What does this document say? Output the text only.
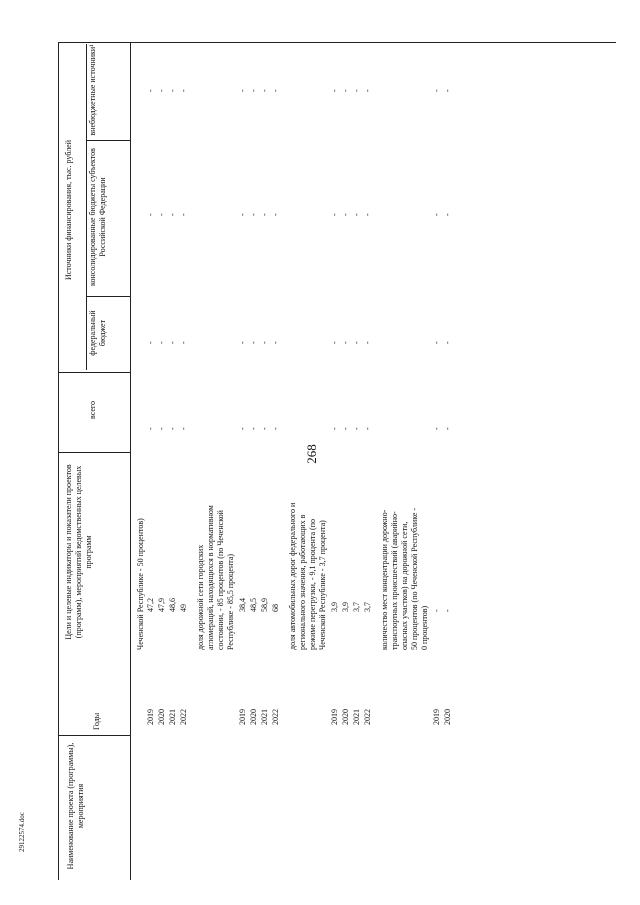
268
29122574.doc	Наименование проекта (программы), мероприятия
Годы
Цели и целевые индикаторы и показатели проектов (программ), мероприятий ведомственных целевых программ
Источники финансирования, тыс. рублей
всего
федеральный бюджет
консолидированные бюджеты субъектов Российской Федерации
внебюджетные источники¹
Чеченской Республике - 50 процентов)
2019
47,2
-
-
-
-
2020
47,9
-
-
-
-
2021
48,6
-
-
-
-
2022
49
-
-
-
-
доля дорожной сети городских агломераций, находящихся в нормативном состоянии, - 85 процентов (по Чеченской Республике - 85,5 процента)
2019
38,4
-
-
-
-
2020
48,5
-
-
-
-
2021
58,9
-
-
-
-
2022
68
-
-
-
-
доля автомобильных дорог федерального и регионального значения, работающих в режиме перегрузки, - 9,1 процента (по Чеченской Республике - 3,7 процента)
2019
3,9
-
-
-
-
2020
3,9
-
-
-
-
2021
3,7
-
-
-
-
2022
3,7
-
-
-
-
количество мест концентрации дорожно- транспортных происшествий (аварийно- опасных участков) на дорожной сети, 50 процентов (по Чеченской Республике - 0 процентов)
2019
-
-
-
-
-
2020
-
-
-
-
-
